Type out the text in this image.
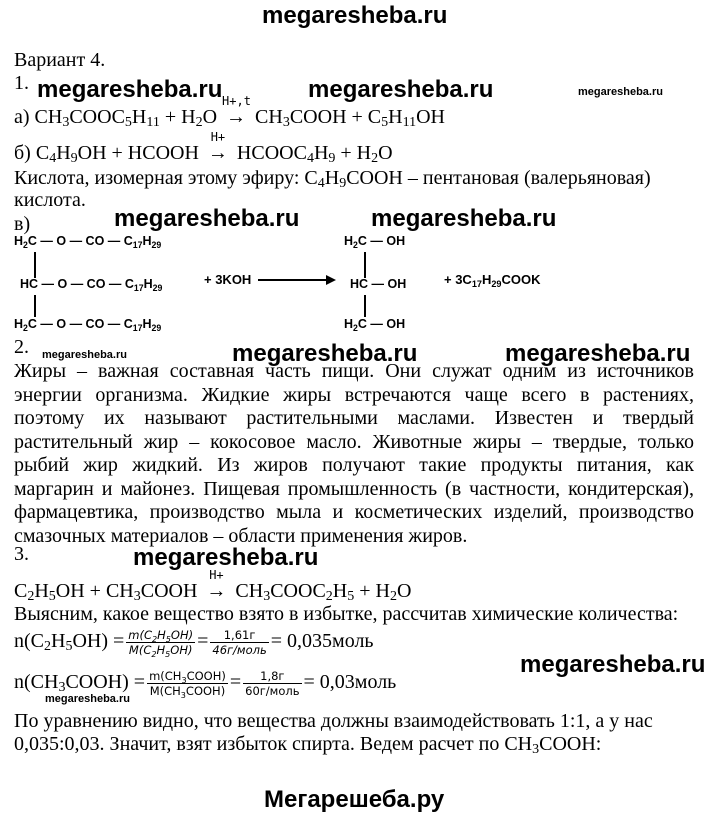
megaresheba.ru
megaresheba.ru	megaresheba.ru	megaresheba.ru
megaresheba.ru	megaresheba.ru
megaresheba.ru	megaresheba.ru	megaresheba.ru
megaresheba.ru
megaresheba.ru
megaresheba.ru
Вариант 4.
1.
а) $CH_3COOC_5H_{11} + H_2O$
H+,t
→ $CH_3COOH + C_5H_{11}OH$
б) $C_4H_9OH$ + HCOOH
H+
→ $HCOOC_4H_9 + H_2O$
Кислота, изомерная этому эфиру: $C_4H_9COOH$ – пентановая (валерьяновая)
кислота.
в)
$H_2C$ — O — CO — $C_{17}H_{29}$
HC — O — CO — $C_{17}H_{29}$
$H_2C$ — O — CO — $C_{17}H_{29}$
+ 3KOH
$H_2C$ — OH
HC — OH
$H_2C$ — OH
+ $3C_{17}H_{29}COOK$
2.
Жиры – важная составная часть пищи. Они служат одним из источников энергии организма. Жидкие жиры встречаются чаще всего в растениях, поэтому их называют растительными маслами. Известен и твердый растительный жир – кокосовое масло. Животные жиры – твердые, только рыбий жир жидкий. Из жиров получают такие продукты питания, как маргарин и майонез. Пищевая промышленность (в частности, кондитерская), фармацевтика, производство мыла и косметических изделий, производство смазочных материалов – области применения жиров.
3.
$C_2H_5OH$ + $CH_3COOH$
H+
→ $CH_3COOC_2H_5 + H_2O$
Выясним, какое вещество взято в избытке, рассчитав химические количества:
$n(C_2H_5OH) = \frac{m(C_2H_5OH)}{M(C_2H_5OH)} = \frac{1,61г}{\text{46г/моль}}$ = 0,035моль
$n(CH_3COOH) = \frac{m(CH_3COOH)}{M(CH_3COOH)} = \frac{1,8г}{\text{60г/моль}}$ = 0,03моль
По уравнению видно, что вещества должны взаимодействовать 1:1, а у нас
0,035:0,03. Значит, взят избыток спирта. Ведем расчет по $CH_3COOH$:
Мегарешеба.ру
